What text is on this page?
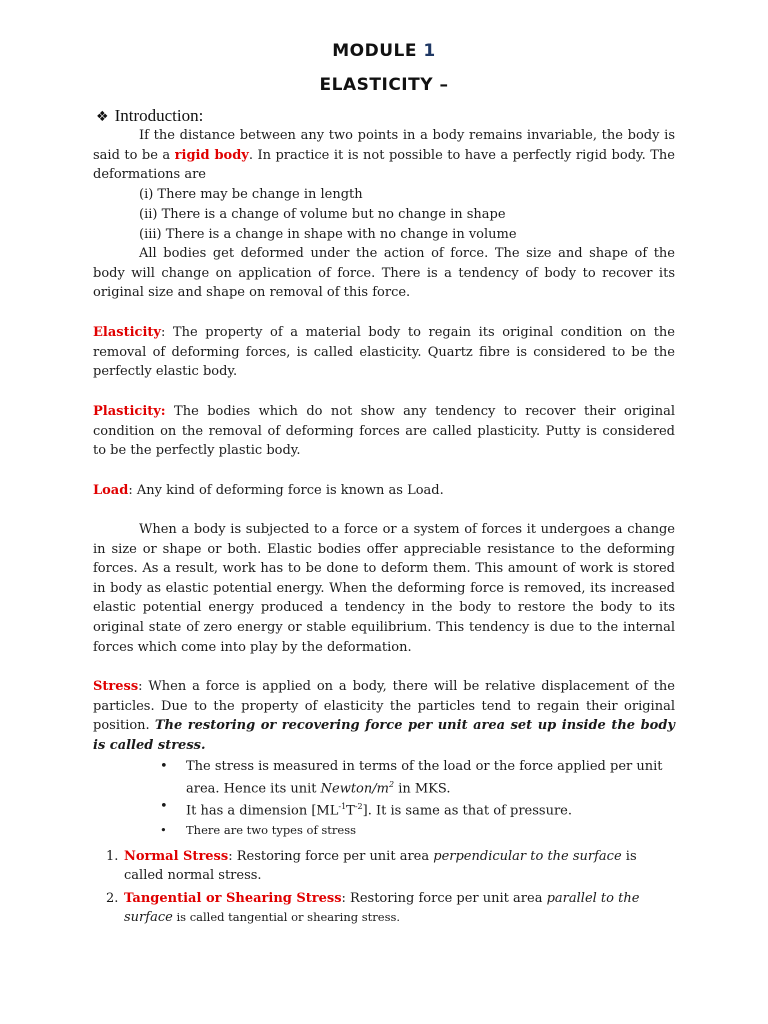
MODULE 1
ELASTICITY –
❖ Introduction:
If the distance between any two points in a body remains invariable, the body is said to be a rigid body. In practice it is not possible to have a perfectly rigid body. The deformations are
(i) There may be change in length
(ii) There is a change of volume but no change in shape
(iii) There is a change in shape with no change in volume
All bodies get deformed under the action of force. The size and shape of the body will change on application of force. There is a tendency of body to recover its original size and shape on removal of this force.
Elasticity: The property of a material body to regain its original condition on the removal of deforming forces, is called elasticity. Quartz fibre is considered to be the perfectly elastic body.
Plasticity: The bodies which do not show any tendency to recover their original condition on the removal of deforming forces are called plasticity. Putty is considered to be the perfectly plastic body.
Load: Any kind of deforming force is known as Load.
When a body is subjected to a force or a system of forces it undergoes a change in size or shape or both. Elastic bodies offer appreciable resistance to the deforming forces. As a result, work has to be done to deform them. This amount of work is stored in body as elastic potential energy. When the deforming force is removed, its increased elastic potential energy produced a tendency in the body to restore the body to its original state of zero energy or stable equilibrium. This tendency is due to the internal forces which come into play by the deformation.
Stress: When a force is applied on a body, there will be relative displacement of the particles. Due to the property of elasticity the particles tend to regain their original position. The restoring or recovering force per unit area set up inside the body is called stress.
• The stress is measured in terms of the load or the force applied per unit area. Hence its unit Newton/$m^2$ in MKS.
• It has a dimension $[ML^{-1}T^{-2}]$. It is same as that of pressure.
• There are two types of stress
1. Normal Stress: Restoring force per unit area perpendicular to the surface is called normal stress.
2. Tangential or Shearing Stress: Restoring force per unit area parallel to the surface is called tangential or shearing stress.
